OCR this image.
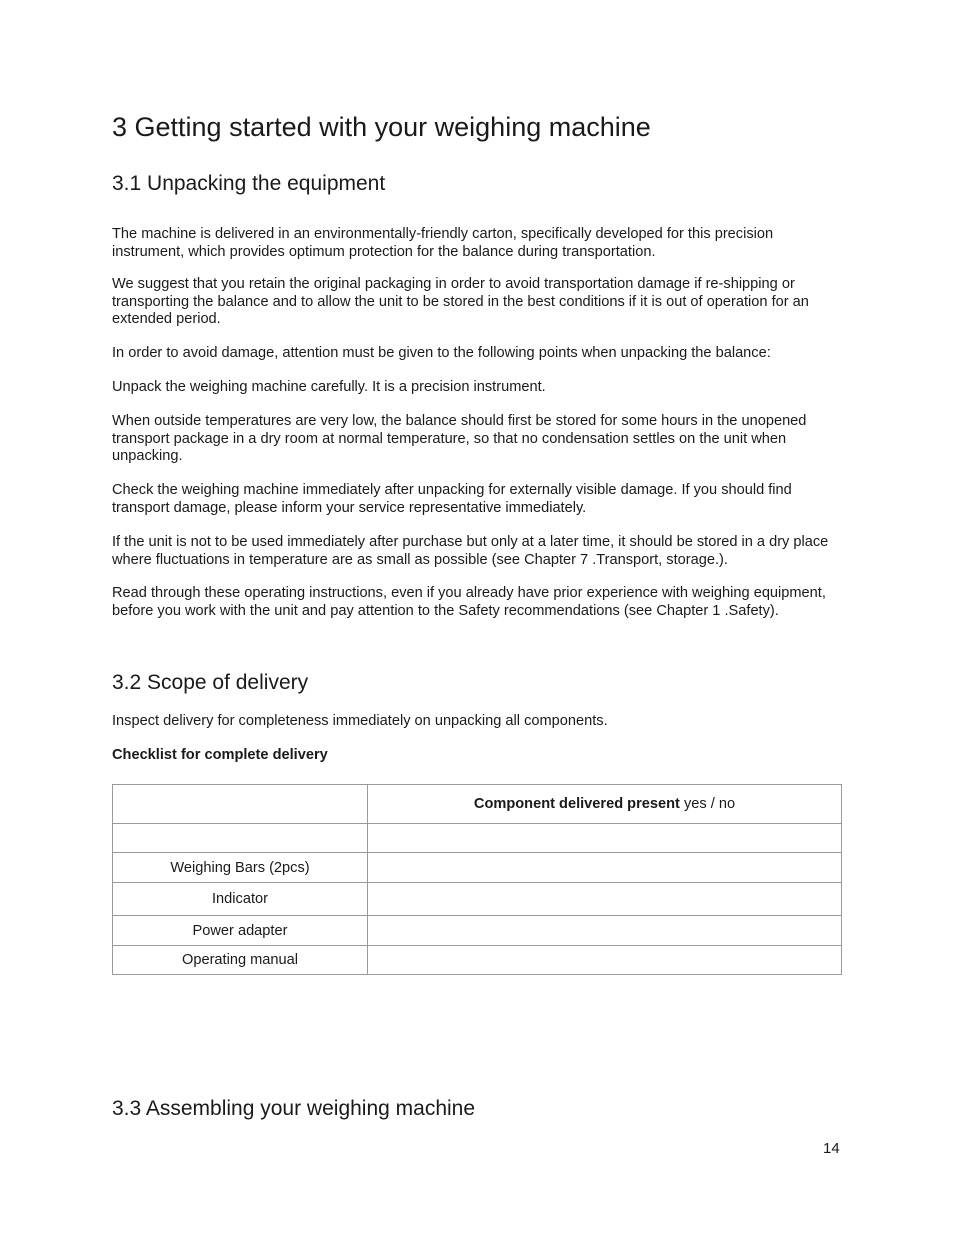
3 Getting started with your weighing machine
3.1 Unpacking the equipment

The machine is delivered in an environmentally-friendly carton, specifically developed for this precision instrument, which provides optimum protection for the balance during transportation.

We suggest that you retain the original packaging in order to avoid transportation damage if re-shipping or transporting the balance and to allow the unit to be stored in the best conditions if it is out of operation for an extended period.

In order to avoid damage, attention must be given to the following points when unpacking the balance:

Unpack the weighing machine carefully. It is a precision instrument.

When outside temperatures are very low, the balance should first be stored for some hours in the unopened transport package in a dry room at normal temperature, so that no condensation settles on the unit when unpacking.

Check the weighing machine immediately after unpacking for externally visible damage. If you should find transport damage, please inform your service representative immediately.

If the unit is not to be used immediately after purchase but only at a later time, it should be stored in a dry place where fluctuations in temperature are as small as possible (see Chapter 7 .Transport, storage.).

Read through these operating instructions, even if you already have prior experience with weighing equipment, before you work with the unit and pay attention to the Safety recommendations (see Chapter 1 .Safety).

3.2 Scope of delivery

Inspect delivery for completeness immediately on unpacking all components.

Checklist for complete delivery

	Component delivered present yes / no

Weighing Bars (2pcs)	
Indicator	
Power adapter	
Operating manual	
3.3 Assembling your weighing machine
14
